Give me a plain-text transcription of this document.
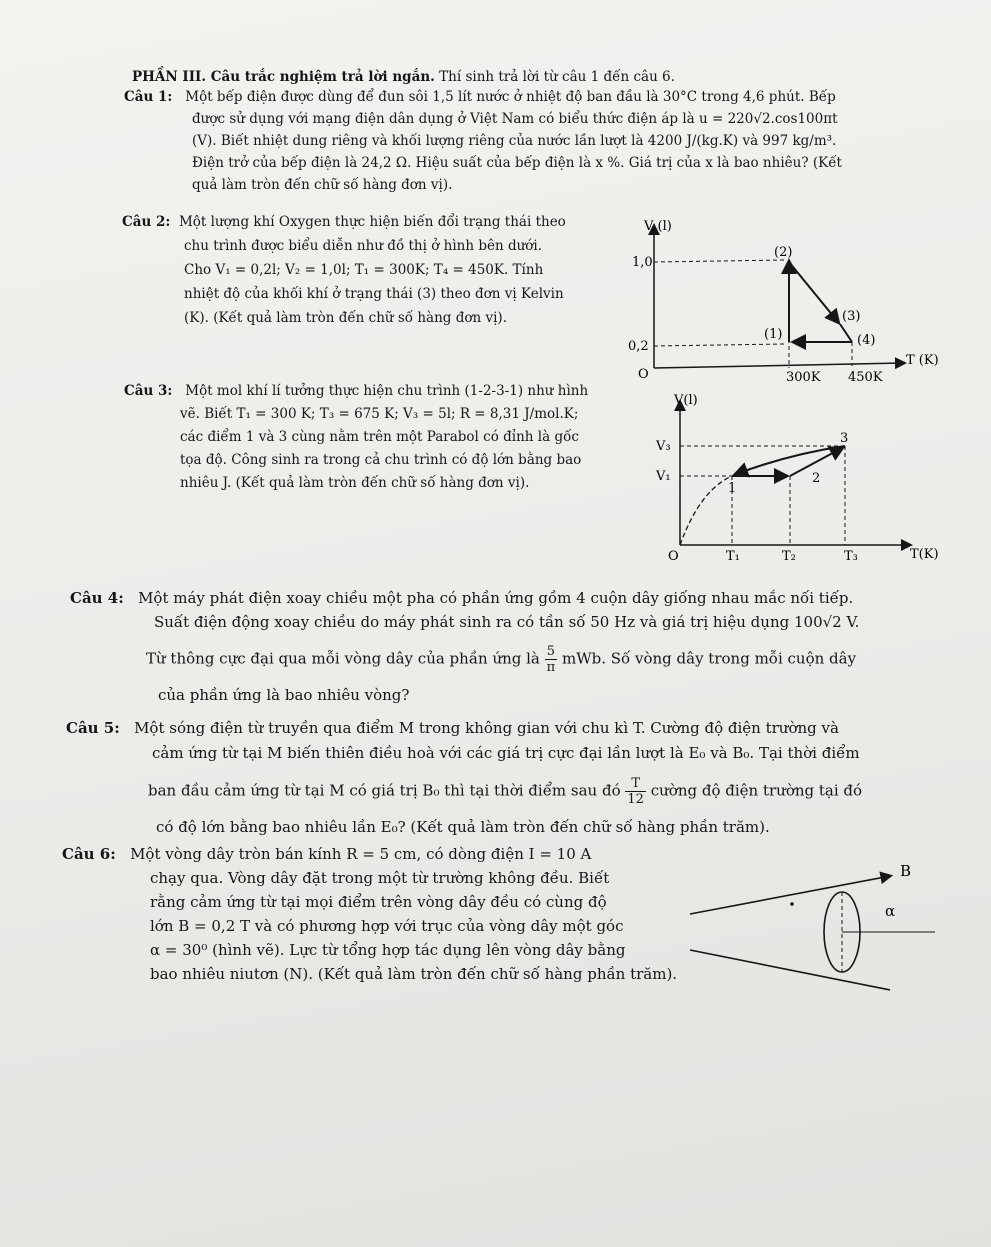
PHẦN III. Câu trắc nghiệm trả lời ngắn. Thí sinh trả lời từ câu 1 đến câu 6.
Câu 1: Một bếp điện được dùng để đun sôi 1,5 lít nước ở nhiệt độ ban đầu là 30°C trong 4,6 phút. Bếp
được sử dụng với mạng điện dân dụng ở Việt Nam có biểu thức điện áp là u = 220√2.cos100πt
(V). Biết nhiệt dung riêng và khối lượng riêng của nước lần lượt là 4200 J/(kg.K) và 997 kg/m³.
Điện trở của bếp điện là 24,2 Ω. Hiệu suất của bếp điện là x %. Giá trị của x là bao nhiêu? (Kết
quả làm tròn đến chữ số hàng đơn vị).
Câu 2: Một lượng khí Oxygen thực hiện biến đổi trạng thái theo
chu trình được biểu diễn như đồ thị ở hình bên dưới.
Cho V₁ = 0,2l; V₂ = 1,0l; T₁ = 300K; T₄ = 450K. Tính
nhiệt độ của khối khí ở trạng thái (3) theo đơn vị Kelvin
(K). (Kết quả làm tròn đến chữ số hàng đơn vị).
V (l)
T (K)
O
1,0
0,2
300K 450K
(1)
(2)
(3)
(4)
Câu 3: Một mol khí lí tưởng thực hiện chu trình (1-2-3-1) như hình
vẽ. Biết T₁ = 300 K; T₃ = 675 K; V₃ = 5l; R = 8,31 J/mol.K;
các điểm 1 và 3 cùng nằm trên một Parabol có đỉnh là gốc
tọa độ. Công sinh ra trong cả chu trình có độ lớn bằng bao
nhiêu J. (Kết quả làm tròn đến chữ số hàng đơn vị).
V(l)
T(K)
O
V₃
V₁
T₁	T₂	T₃
1
2
3
Câu 4: Một máy phát điện xoay chiều một pha có phần ứng gồm 4 cuộn dây giống nhau mắc nối tiếp.
Suất điện động xoay chiều do máy phát sinh ra có tần số 50 Hz và giá trị hiệu dụng 100√2 V.
Từ thông cực đại qua mỗi vòng dây của phần ứng là $\frac{5}{\pi}$ mWb. Số vòng dây trong mỗi cuộn dây
của phần ứng là bao nhiêu vòng?
Câu 5: Một sóng điện từ truyền qua điểm M trong không gian với chu kì T. Cường độ điện trường và
cảm ứng từ tại M biến thiên điều hoà với các giá trị cực đại lần lượt là E₀ và B₀. Tại thời điểm
ban đầu cảm ứng từ tại M có giá trị B₀ thì tại thời điểm sau đó $\frac{T}{12}$ cường độ điện trường tại đó
có độ lớn bằng bao nhiêu lần E₀? (Kết quả làm tròn đến chữ số hàng phần trăm).
Câu 6: Một vòng dây tròn bán kính R = 5 cm, có dòng điện I = 10 A
chạy qua. Vòng dây đặt trong một từ trường không đều. Biết
rằng cảm ứng từ tại mọi điểm trên vòng dây đều có cùng độ
lớn B = 0,2 T và có phương hợp với trục của vòng dây một góc
α = 30⁰ (hình vẽ). Lực từ tổng hợp tác dụng lên vòng dây bằng
bao nhiêu niutơn (N). (Kết quả làm tròn đến chữ số hàng phần trăm).
B
α
